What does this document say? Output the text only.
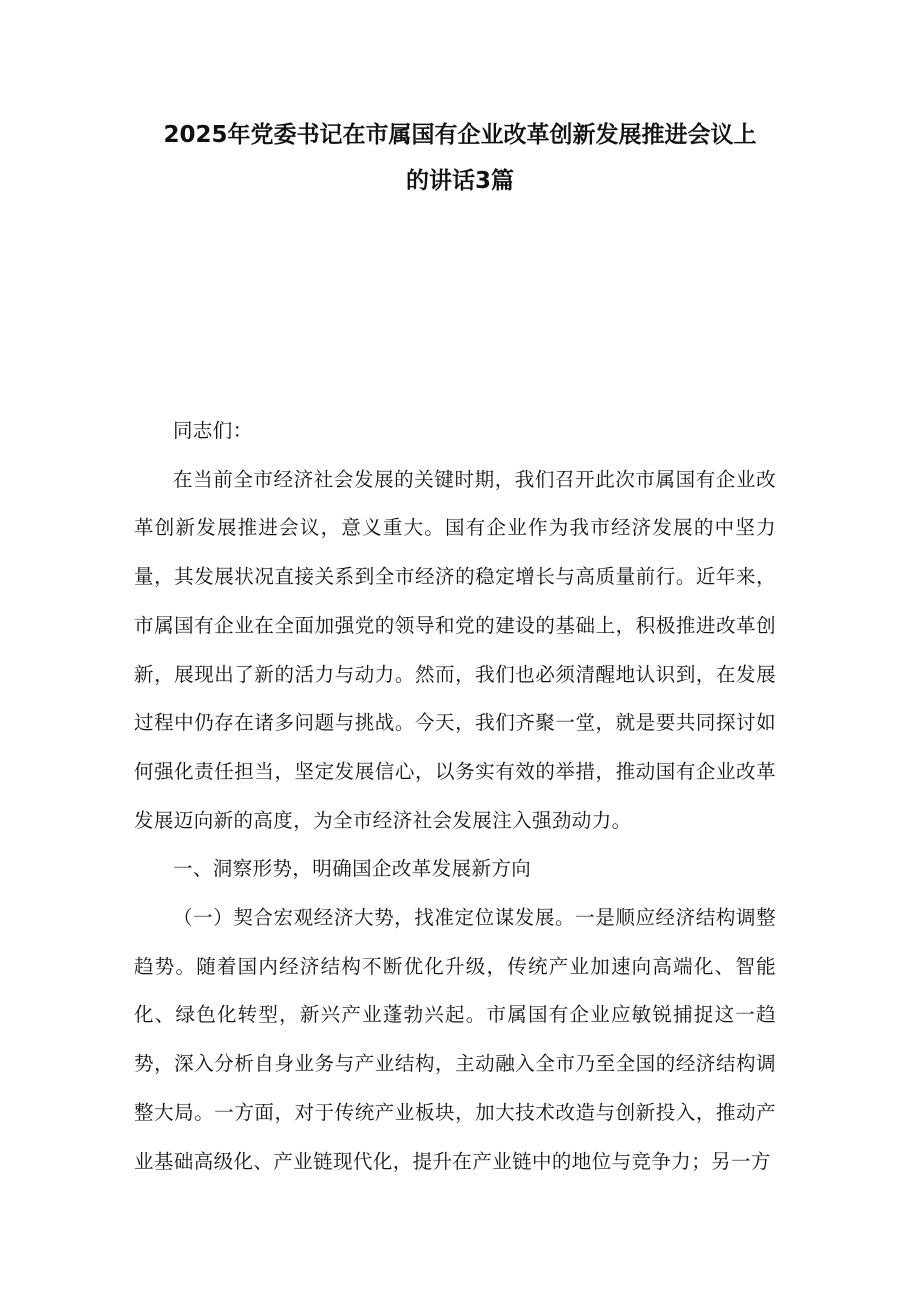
2025年党委书记在市属国有企业改革创新发展推进会议上
的讲话3篇

同志们：

在当前全市经济社会发展的关键时期，我们召开此次市属国有企业改革创新发展推进会议，意义重大。国有企业作为我市经济发展的中坚力量，其发展状况直接关系到全市经济的稳定增长与高质量前行。近年来，市属国有企业在全面加强党的领导和党的建设的基础上，积极推进改革创新，展现出了新的活力与动力。然而，我们也必须清醒地认识到，在发展过程中仍存在诸多问题与挑战。今天，我们齐聚一堂，就是要共同探讨如何强化责任担当，坚定发展信心，以务实有效的举措，推动国有企业改革发展迈向新的高度，为全市经济社会发展注入强劲动力。

一、洞察形势，明确国企改革发展新方向

（一）契合宏观经济大势，找准定位谋发展。一是顺应经济结构调整趋势。随着国内经济结构不断优化升级，传统产业加速向高端化、智能化、绿色化转型，新兴产业蓬勃兴起。市属国有企业应敏锐捕捉这一趋势，深入分析自身业务与产业结构，主动融入全市乃至全国的经济结构调整大局。一方面，对于传统产业板块，加大技术改造与创新投入，推动产业基础高级化、产业链现代化，提升在产业链中的地位与竞争力；另一方
